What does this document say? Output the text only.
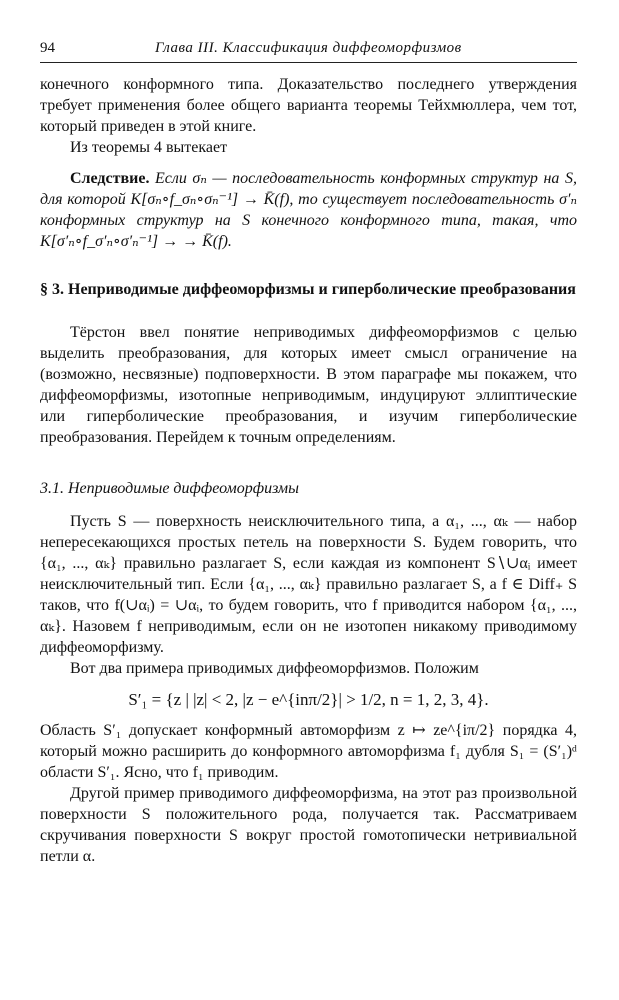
94	Глава III. Классификация диффеоморфизмов

конечного конформного типа. Доказательство последнего утверждения требует применения более общего варианта теоремы Тейхмюллера, чем тот, который приведен в этой книге.

Из теоремы 4 вытекает

Следствие. Если σₙ — последовательность конформных структур на S, для которой K[σₙ∘f_σₙ∘σₙ⁻¹] → K̄(f), то существует последовательность σ′ₙ конформных структур на S конечного конформного типа, такая, что K[σ′ₙ∘f_σ′ₙ∘σ′ₙ⁻¹] → → K̄(f).

§ 3. Неприводимые диффеоморфизмы и гиперболические преобразования

Тёрстон ввел понятие неприводимых диффеоморфизмов с целью выделить преобразования, для которых имеет смысл ограничение на (возможно, несвязные) подповерхности. В этом параграфе мы покажем, что диффеоморфизмы, изотопные неприводимым, индуцируют эллиптические или гиперболические преобразования, и изучим гиперболические преобразования. Перейдем к точным определениям.

3.1. Неприводимые диффеоморфизмы

Пусть S — поверхность неисключительного типа, а α₁, ..., αₖ — набор непересекающихся простых петель на поверхности S. Будем говорить, что {α₁, ..., αₖ} правильно разлагает S, если каждая из компонент S∖∪αᵢ имеет неисключительный тип. Если {α₁, ..., αₖ} правильно разлагает S, а f ∈ Diff₊ S таков, что f(∪αᵢ) = ∪αᵢ, то будем говорить, что f приводится набором {α₁, ..., αₖ}. Назовем f неприводимым, если он не изотопен никакому приводимому диффеоморфизму.

Вот два примера приводимых диффеоморфизмов. Положим

S′₁ = {z | |z| < 2, |z − e^{inπ/2}| > 1/2, n = 1, 2, 3, 4}.

Область S′₁ допускает конформный автоморфизм z ↦ ze^{iπ/2} порядка 4, который можно расширить до конформного автоморфизма f₁ дубля S₁ = (S′₁)ᵈ области S′₁. Ясно, что f₁ приводим.

Другой пример приводимого диффеоморфизма, на этот раз произвольной поверхности S положительного рода, получается так. Рассматриваем скручивания поверхности S вокруг простой гомотопически нетривиальной петли α.
